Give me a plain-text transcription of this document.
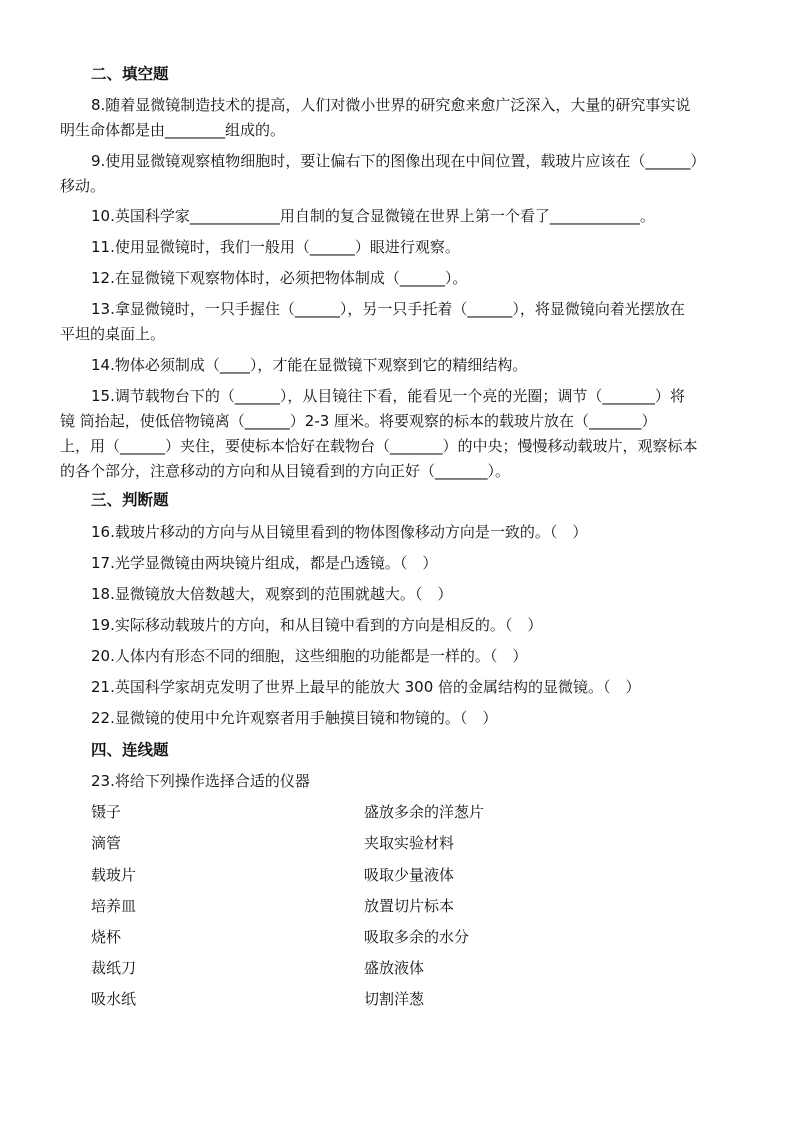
二、填空题
8.随着显微镜制造技术的提高，人们对微小世界的研究愈来愈广泛深入，大量的研究事实说
明生命体都是由________组成的。
9.使用显微镜观察植物细胞时，要让偏右下的图像出现在中间位置，载玻片应该在（______）
移动。
10.英国科学家____________用自制的复合显微镜在世界上第一个看了____________。
11.使用显微镜时，我们一般用（______）眼进行观察。
12.在显微镜下观察物体时，必须把物体制成（______）。
13.拿显微镜时，一只手握住（______），另一只手托着（______），将显微镜向着光摆放在
平坦的桌面上。
14.物体必须制成（____），才能在显微镜下观察到它的精细结构。
15.调节载物台下的（______），从目镜往下看，能看见一个亮的光圈；调节（_______）将
镜 筒抬起，使低倍物镜离（______）2-3 厘米。将要观察的标本的载玻片放在（_______）
上，用（______）夹住，要使标本恰好在载物台（_______）的中央；慢慢移动载玻片，观察标本
的各个部分，注意移动的方向和从目镜看到的方向正好（_______）。
三、判断题
16.载玻片移动的方向与从目镜里看到的物体图像移动方向是一致的。（　）
17.光学显微镜由两块镜片组成，都是凸透镜。（　）
18.显微镜放大倍数越大，观察到的范围就越大。（　）
19.实际移动载玻片的方向，和从目镜中看到的方向是相反的。（　）
20.人体内有形态不同的细胞，这些细胞的功能都是一样的。（　）
21.英国科学家胡克发明了世界上最早的能放大 300 倍的金属结构的显微镜。（　）
22.显微镜的使用中允许观察者用手触摸目镜和物镜的。（　）
四、连线题
23.将给下列操作选择合适的仪器
镊子	盛放多余的洋葱片
滴管	夹取实验材料
载玻片	吸取少量液体
培养皿	放置切片标本
烧杯	吸取多余的水分
裁纸刀	盛放液体
吸水纸	切割洋葱
